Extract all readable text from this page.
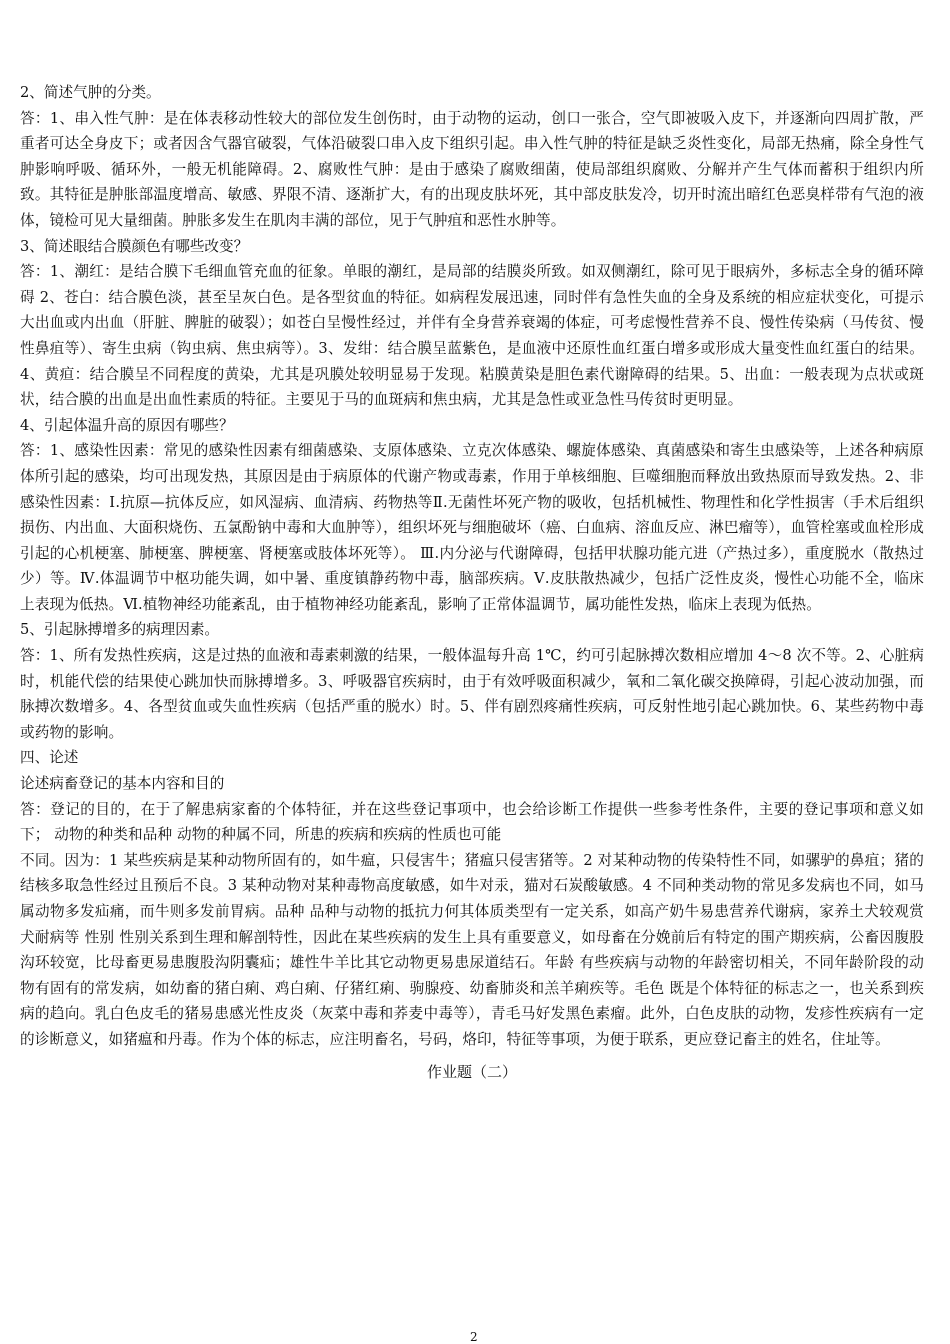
2、简述气肿的分类。

答：1、串入性气肿：是在体表移动性较大的部位发生创伤时，由于动物的运动，创口一张合，空气即被吸入皮下，并逐渐向四周扩散，严重者可达全身皮下；或者因含气器官破裂，气体沿破裂口串入皮下组织引起。串入性气肿的特征是缺乏炎性变化，局部无热痛，除全身性气肿影响呼吸、循环外，一般无机能障碍。2、腐败性气肿：是由于感染了腐败细菌，使局部组织腐败、分解并产生气体而蓄积于组织内所致。其特征是肿胀部温度增高、敏感、界限不清、逐渐扩大，有的出现皮肤坏死，其中部皮肤发冷，切开时流出暗红色恶臭样带有气泡的液体，镜检可见大量细菌。肿胀多发生在肌肉丰满的部位，见于气肿疽和恶性水肿等。

3、简述眼结合膜颜色有哪些改变？

答：1、潮红：是结合膜下毛细血管充血的征象。单眼的潮红，是局部的结膜炎所致。如双侧潮红，除可见于眼病外，多标志全身的循环障碍 2、苍白：结合膜色淡，甚至呈灰白色。是各型贫血的特征。如病程发展迅速，同时伴有急性失血的全身及系统的相应症状变化，可提示大出血或内出血（肝脏、脾脏的破裂）；如苍白呈慢性经过，并伴有全身营养衰竭的体症，可考虑慢性营养不良、慢性传染病（马传贫、慢性鼻疽等）、寄生虫病（钩虫病、焦虫病等）。3、发绀：结合膜呈蓝紫色，是血液中还原性血红蛋白增多或形成大量变性血红蛋白的结果。4、黄疸：结合膜呈不同程度的黄染，尤其是巩膜处较明显易于发现。粘膜黄染是胆色素代谢障碍的结果。5、出血：一般表现为点状或斑状，结合膜的出血是出血性素质的特征。主要见于马的血斑病和焦虫病，尤其是急性或亚急性马传贫时更明显。

4、引起体温升高的原因有哪些？

答：1、感染性因素：常见的感染性因素有细菌感染、支原体感染、立克次体感染、螺旋体感染、真菌感染和寄生虫感染等，上述各种病原体所引起的感染，均可出现发热，其原因是由于病原体的代谢产物或毒素，作用于单核细胞、巨噬细胞而释放出致热原而导致发热。2、非感染性因素：Ⅰ.抗原—抗体反应，如风湿病、血清病、药物热等Ⅱ.无菌性坏死产物的吸收，包括机械性、物理性和化学性损害（手术后组织损伤、内出血、大面积烧伤、五氯酚钠中毒和大血肿等），组织坏死与细胞破坏（癌、白血病、溶血反应、淋巴瘤等），血管栓塞或血栓形成引起的心机梗塞、肺梗塞、脾梗塞、肾梗塞或肢体坏死等）。 Ⅲ.内分泌与代谢障碍，包括甲状腺功能亢进（产热过多），重度脱水（散热过少）等。Ⅳ.体温调节中枢功能失调，如中暑、重度镇静药物中毒，脑部疾病。Ⅴ.皮肤散热减少，包括广泛性皮炎，慢性心功能不全，临床上表现为低热。Ⅵ.植物神经功能紊乱，由于植物神经功能紊乱，影响了正常体温调节，属功能性发热，临床上表现为低热。

5、引起脉搏增多的病理因素。

答：1、所有发热性疾病，这是过热的血液和毒素刺激的结果，一般体温每升高 1℃，约可引起脉搏次数相应增加 4～8 次不等。2、心脏病时，机能代偿的结果使心跳加快而脉搏增多。3、呼吸器官疾病时，由于有效呼吸面积减少，氧和二氧化碳交换障碍，引起心波动加强，而脉搏次数增多。4、各型贫血或失血性疾病（包括严重的脱水）时。5、伴有剧烈疼痛性疾病，可反射性地引起心跳加快。6、某些药物中毒或药物的影响。

四、论述

论述病畜登记的基本内容和目的

答：登记的目的，在于了解患病家畜的个体特征，并在这些登记事项中，也会给诊断工作提供一些参考性条件，主要的登记事项和意义如下； 动物的种类和品种 动物的种属不同，所患的疾病和疾病的性质也可能

不同。因为：1 某些疾病是某种动物所固有的，如牛瘟，只侵害牛；猪瘟只侵害猪等。2 对某种动物的传染特性不同，如骡驴的鼻疽；猪的结核多取急性经过且预后不良。3 某种动物对某种毒物高度敏感，如牛对汞，猫对石炭酸敏感。4 不同种类动物的常见多发病也不同，如马属动物多发疝痛，而牛则多发前胃病。品种 品种与动物的抵抗力何其体质类型有一定关系，如高产奶牛易患营养代谢病，家养土犬较观赏犬耐病等 性别 性别关系到生理和解剖特性，因此在某些疾病的发生上具有重要意义，如母畜在分娩前后有特定的围产期疾病，公畜因腹股沟环较宽，比母畜更易患腹股沟阴囊疝；雄性牛羊比其它动物更易患尿道结石。年龄 有些疾病与动物的年龄密切相关，不同年龄阶段的动物有固有的常发病，如幼畜的猪白痢、鸡白痢、仔猪红痢、驹腺疫、幼畜肺炎和羔羊痢疾等。毛色 既是个体特征的标志之一，也关系到疾病的趋向。乳白色皮毛的猪易患感光性皮炎（灰菜中毒和荞麦中毒等），青毛马好发黑色素瘤。此外，白色皮肤的动物，发疹性疾病有一定的诊断意义，如猪瘟和丹毒。作为个体的标志，应注明畜名，号码，烙印，特征等事项，为便于联系，更应登记畜主的姓名，住址等。

作业题（二）

2
